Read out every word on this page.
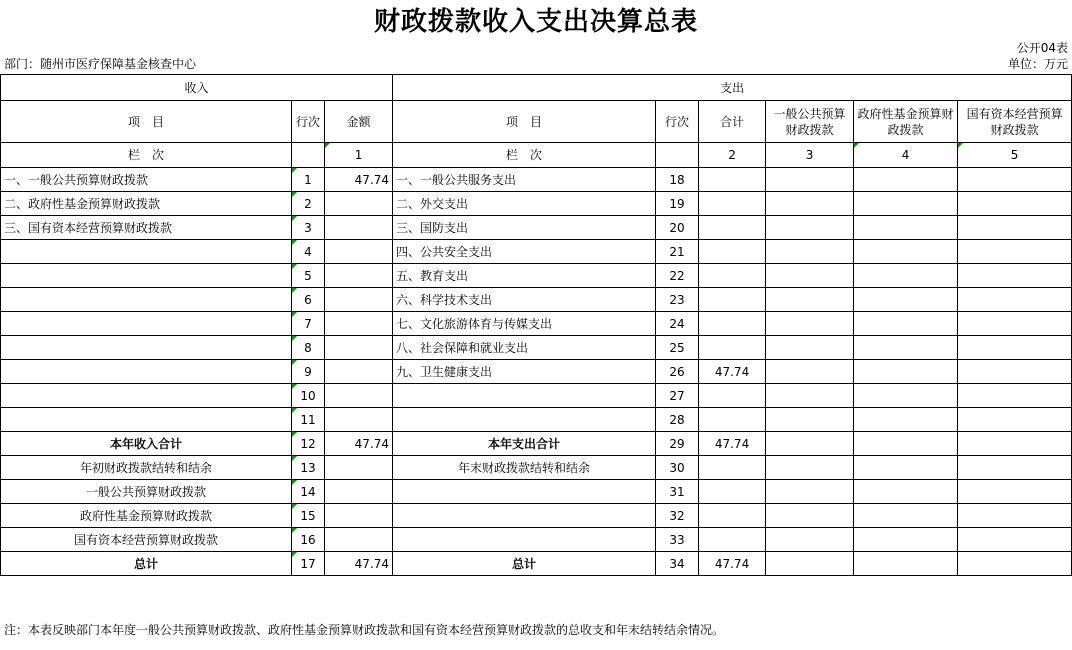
财政拨款收入支出决算总表
公开04表
部门：随州市医疗保障基金核查中心	单位：万元
收入			支出					
项　目	行次	金额	项　目	行次	合计	一般公共预算财政拨款	政府性基金预算财政拨款	国有资本经营预算财政拨款
栏　次		1	栏　次		2	3	4	5
一、一般公共预算财政拨款	1	47.74	一、一般公共服务支出	18				
二、政府性基金预算财政拨款	2		二、外交支出	19				
三、国有资本经营预算财政拨款	3		三、国防支出	20				
	4		四、公共安全支出	21				
	5		五、教育支出	22				
	6		六、科学技术支出	23				
	7		七、文化旅游体育与传媒支出	24				
	8		八、社会保障和就业支出	25				
	9		九、卫生健康支出	26	47.74			
	10			27				
	11			28				
本年收入合计	12	47.74	本年支出合计	29	47.74			
年初财政拨款结转和结余	13		年末财政拨款结转和结余	30				
一般公共预算财政拨款	14			31				
政府性基金预算财政拨款	15			32				
国有资本经营预算财政拨款	16			33				
总计	17	47.74	总计	34	47.74			
注：本表反映部门本年度一般公共预算财政拨款、政府性基金预算财政拨款和国有资本经营预算财政拨款的总收支和年末结转结余情况。
